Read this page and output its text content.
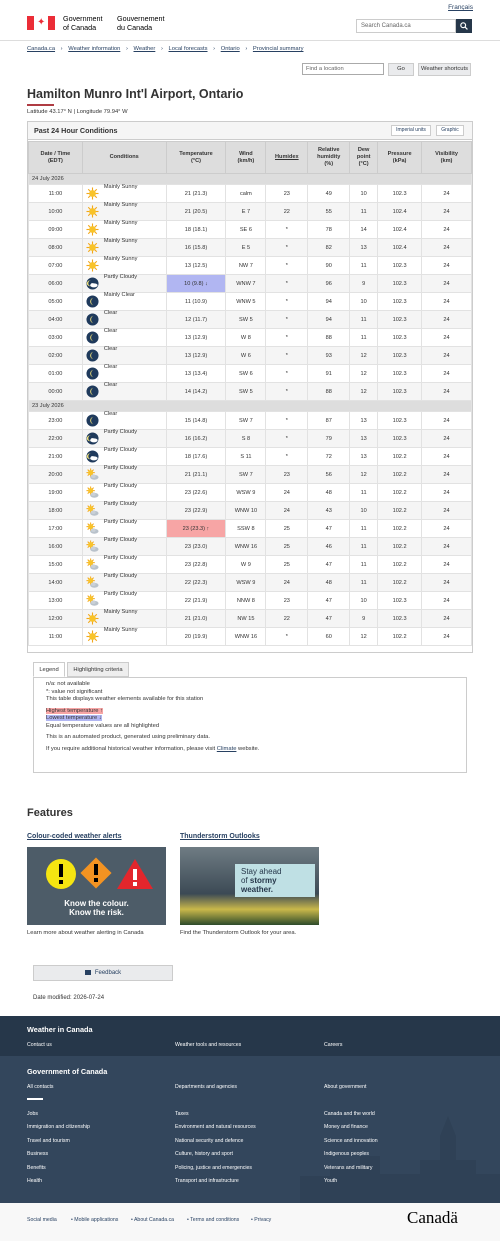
Français
✦ Government
of Canada
Gouvernement
du Canada	Search Canada.ca
Canada.ca › Weather information › Weather › Local forecasts › Ontario › Provincial summary
Find a location	Go	Weather shortcuts
Hamilton Munro Int'l Airport, Ontario
Latitude 43.17° N | Longitude 79.94° W
Past 24 Hour Conditions	Imperial units	Graphic
Date / Time
(EDT)	Conditions	Temperature
(°C)	Wind
(km/h)	Humidex	Relative
humidity
(%)	Dew
point
(°C)	Pressure
(kPa)	Visibility
(km)
24 July 2026								
11:00	Mainly Sunny	21 (21.3)	calm	23	49	10	102.3	24
10:00	Mainly Sunny	21 (20.5)	E 7	22	55	11	102.4	24
09:00	Mainly Sunny	18 (18.1)	SE 6	*	78	14	102.4	24
08:00	Mainly Sunny	16 (15.8)	E 5	*	82	13	102.4	24
07:00	Mainly Sunny	13 (12.5)	NW 7	*	90	11	102.3	24
06:00	Partly Cloudy	10 (9.8) ↓	WNW 7	*	96	9	102.3	24
05:00	Mainly Clear	11 (10.9)	WNW 5	*	94	10	102.3	24
04:00	Clear	12 (11.7)	SW 5	*	94	11	102.3	24
03:00	Clear	13 (12.9)	W 8	*	88	11	102.3	24
02:00	Clear	13 (12.9)	W 6	*	93	12	102.3	24
01:00	Clear	13 (13.4)	SW 6	*	91	12	102.3	24
00:00	Clear	14 (14.2)	SW 5	*	88	12	102.3	24
23 July 2026								
23:00	Clear	15 (14.8)	SW 7	*	87	13	102.3	24
22:00	Partly Cloudy	16 (16.2)	S 8	*	79	13	102.3	24
21:00	Partly Cloudy	18 (17.6)	S 11	*	72	13	102.2	24
20:00	Partly Cloudy	21 (21.1)	SW 7	23	56	12	102.2	24
19:00	Partly Cloudy	23 (22.6)	WSW 9	24	48	11	102.2	24
18:00	Partly Cloudy	23 (22.9)	WNW 10	24	43	10	102.2	24
17:00	Partly Cloudy	23 (23.3) ↑	SSW 8	25	47	11	102.2	24
16:00	Partly Cloudy	23 (23.0)	WNW 16	25	46	11	102.2	24
15:00	Partly Cloudy	23 (22.8)	W 9	25	47	11	102.2	24
14:00	Partly Cloudy	22 (22.3)	WSW 9	24	48	11	102.2	24
13:00	Partly Cloudy	22 (21.9)	NNW 8	23	47	10	102.3	24
12:00	Mainly Sunny	21 (21.0)	NW 15	22	47	9	102.3	24
11:00	Mainly Sunny	20 (19.9)	WNW 16	*	60	12	102.2	24
Legend	Highlighting criteria

n/a: not available

*: value not significant

This table displays weather elements available for this station

Highest temperature ↑

Lowest temperature ↓

Equal temperature values are all highlighted

This is an automated product, generated using preliminary data.

If you require additional historical weather information, please visit Climate website.

Features
Colour-coded weather alerts
Know the colour.
Know the risk.
Learn more about weather alerting in Canada
Thunderstorm Outlooks
Stay ahead
of stormy
weather.
Find the Thunderstorm Outlook for your area.
Feedback
Date modified: 2026-07-24
Weather in Canada
Contact us	Weather tools and resources	Careers
Government of Canada
All contacts	Departments and agencies	About government
Jobs
Immigration and citizenship
Travel and tourism
Business
Benefits
Health
Taxes
Environment and natural resources
National security and defence
Culture, history and sport
Policing, justice and emergencies
Transport and infrastructure
Canada and the world
Money and finance
Science and innovation
Indigenous peoples
Veterans and military
Youth
Social media	• Mobile applications • About Canada.ca • Terms and conditions • Privacy	Canadä
